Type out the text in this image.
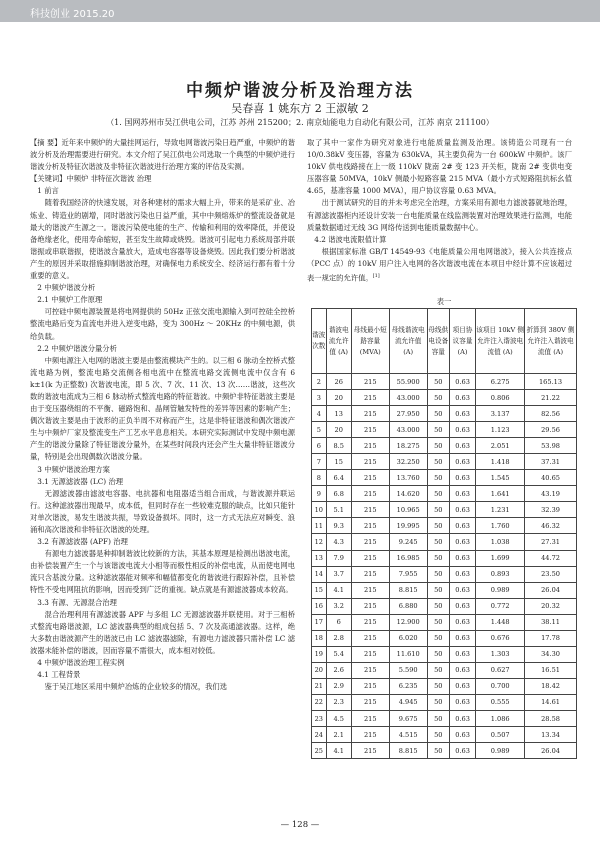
科技创业 2015.20
中频炉谐波分析及治理方法
吴春喜 1 姚东方 2 王淑敏 2
（1. 国网苏州市吴江供电公司，江苏 苏州 215200；2. 南京灿能电力自动化有限公司，江苏 南京 211100）

【摘 要】近年来中频炉的大量挂网运行，导致电网谐波污染日趋严重，中频炉的谐波分析及治理需要进行研究。本文介绍了吴江供电公司选取一个典型的中频炉进行谐波分析及特征次谐波及非特征次谐波进行治理方案的评估及实测。

【关键词】中频炉 非特征次谐波 治理

1 前言

随着我国经济的快速发展，对各种建材的需求大幅上升，带来的是采矿业、冶炼业、铸造业的剧增，同时谐波污染也日益严重，其中中频熔炼炉的整流设备就是最大的谐波产生源之一。谐波污染使电能的生产、传输和利用的效率降低，并使设备绝缘老化，使用寿命缩短，甚至发生故障或烧毁。谐波可引起电力系统局部并联谐振或串联谐振，使谐波含量放大，造成电容器等设备烧毁。因此我们要分析谐波产生的原因并采取措施抑制谐波治理，对确保电力系统安全、经济运行都有着十分重要的意义。

2 中频炉谐波分析

2.1 中频炉工作原理

可控硅中频电源装置是将电网提供的 50Hz 正弦交流电源输入到可控硅全控桥整流电路后变为直流电并进入逆变电路，变为 300Hz ～ 20KHz 的中频电源，供给负载。

2.2 中频炉谐波分量分析

中频电源注入电网的谐波主要是由整流模块产生的。以三相 6 脉动全控桥式整流电路为例，整流电路交流侧各相电流中在整流电路交流侧电流中仅含有 6 k±1(k 为正整数) 次谐波电流，即 5 次、7 次、11 次、13 次……谐波，这些次数的谐波电流成为三相 6 脉动桥式整流电路的特征谐波。中频炉非特征谐波主要是由于变压器绕组的不平衡、磁路饱和、晶闸管触发特性的差异等因素的影响产生；偶次谐波主要是由于波形的正负半周不对称而产生，这是非特征谐波和偶次谐波产生与中频炉厂家及整流变生产工艺水平息息相关。本研究实际测试中发现中频电源产生的谐波分量除了特征谐波分量外，在某些时间段内还会产生大量非特征谐波分量，特别是会出现偶数次谐波分量。

3 中频炉谐波治理方案

3.1 无源滤波器 (LC) 治理

无源滤波器由滤波电容器、电抗器和电阻器适当组合而成，与谐波源并联运行。这种滤波器出现最早，成本低，但同时存在一些较难克服的缺点，比如只能针对单次谐波，易发生谐波共振，导致设备损坏。同时，这一方式无法应对瞬变、浪涌和高次谐波和非特征次谐波的处理。

3.2 有源滤波器 (APF) 治理

有源电力滤波器是种抑制谐波比较新的方法，其基本原理是检测出谐波电流，由补偿装置产生一个与该谐波电流大小相等而极性相反的补偿电流，从而使电网电流只含基波分量。这种滤波器能对频率和幅值都变化的谐波进行跟踪补偿，且补偿特性不受电网阻抗的影响，因而受到广泛的重视。缺点就是有源滤波器成本较高。

3.3 有源、无源混合治理

混合治理利用有源滤波器 APF 与多组 LC 无源滤波器并联使用。对于三相桥式整流电路谐波源，LC 滤波器典型的组成包括 5、7 次及高通滤波器。这样，绝大多数由谐波源产生的谐波已由 LC 滤波器滤除，有源电力滤波器只需补偿 LC 滤波器未能补偿的谐波，因而容量不需很大，成本相对较低。

4 中频炉谐波治理工程实例

4.1 工程背景

鉴于吴江地区采用中频炉冶炼的企业较多的情况，我们选

取了其中一家作为研究对象进行电能质量监测及治理。该铸造公司现有一台 10/0.38kV 变压器，容量为 630kVA，其主要负荷为一台 600kW 中频炉。该厂 10kV 供电线路接在上一级 110kV 陇南 2# 变 123 开关柜，陇南 2# 变供电变压器容量 50MVA，10kV 侧最小短路容量 215 MVA（最小方式短路阻抗标幺值 4.65，基准容量 1000 MVA），用户协议容量 0.63 MVA。

出于测试研究的目的并未考虑完全治理，方案采用有源电力滤波器就地治理，有源滤波器柜内还设计安装一台电能质量在线监测装置对治理效果进行监测，电能质量数据通过无线 3G 网络传送到电能质量数据中心。

4.2 谐波电流限值计算

根据国家标准 GB/T 14549-93《电能质量公用电网谐波》，接入公共连接点（PCC 点）的 10kV 用户注入电网的各次谐波电流在本项目中经计算不应该超过表一规定的允许值。[1]

表一
谐波次数	谐波电流允许值 (A)	母线最小短路容量 (MVA)	母线谐波电流允许值 (A)	母线供电设备容量	项目协议容量 (A)	该项目 10kV 侧允许注入谐波电流值 (A)	折算到 380V 侧允许注入谐波电流值 (A)
2	26	215	55.900	50	0.63	6.275	165.13
3	20	215	43.000	50	0.63	0.806	21.22
4	13	215	27.950	50	0.63	3.137	82.56
5	20	215	43.000	50	0.63	1.123	29.56
6	8.5	215	18.275	50	0.63	2.051	53.98
7	15	215	32.250	50	0.63	1.418	37.31
8	6.4	215	13.760	50	0.63	1.545	40.65
9	6.8	215	14.620	50	0.63	1.641	43.19
10	5.1	215	10.965	50	0.63	1.231	32.39
11	9.3	215	19.995	50	0.63	1.760	46.32
12	4.3	215	9.245	50	0.63	1.038	27.31
13	7.9	215	16.985	50	0.63	1.699	44.72
14	3.7	215	7.955	50	0.63	0.893	23.50
15	4.1	215	8.815	50	0.63	0.989	26.04
16	3.2	215	6.880	50	0.63	0.772	20.32
17	6	215	12.900	50	0.63	1.448	38.11
18	2.8	215	6.020	50	0.63	0.676	17.78
19	5.4	215	11.610	50	0.63	1.303	34.30
20	2.6	215	5.590	50	0.63	0.627	16.51
21	2.9	215	6.235	50	0.63	0.700	18.42
22	2.3	215	4.945	50	0.63	0.555	14.61
23	4.5	215	9.675	50	0.63	1.086	28.58
24	2.1	215	4.515	50	0.63	0.507	13.34
25	4.1	215	8.815	50	0.63	0.989	26.04
— 128 —
